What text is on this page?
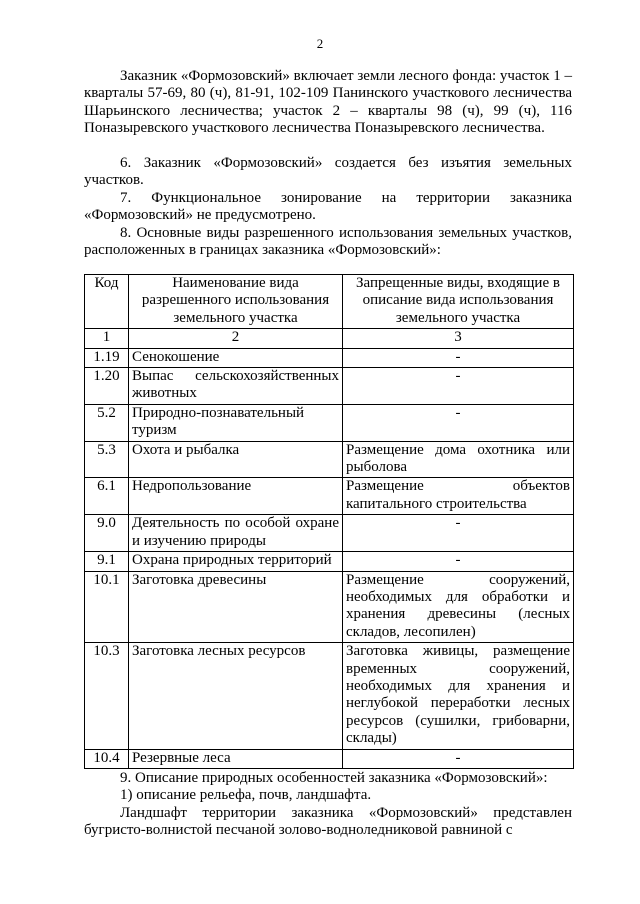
2

Заказник «Формозовский» включает земли лесного фонда: участок 1 – кварталы 57-69, 80 (ч), 81-91, 102-109 Панинского участкового лесничества Шарьинского лесничества; участок 2 – кварталы 98 (ч), 99 (ч), 116 Поназыревского участкового лесничества Поназыревского лесничества.

6. Заказник «Формозовский» создается без изъятия земельных участков.

7. Функциональное зонирование на территории заказника «Формозовский» не предусмотрено.

8. Основные виды разрешенного использования земельных участков, расположенных в границах заказника «Формозовский»:

Код	Наименование вида разрешенного использования земельного участка	Запрещенные виды, входящие в описание вида использования земельного участка
1	2	3
1.19	Сенокошение	-
1.20	Выпас сельскохозяйственных животных	-
5.2	Природно-познавательный туризм	-
5.3	Охота и рыбалка	Размещение дома охотника или рыболова
6.1	Недропользование	Размещение объектов капитального строительства
9.0	Деятельность по особой охране и изучению природы	-
9.1	Охрана природных территорий	-
10.1	Заготовка древесины	Размещение сооружений, необходимых для обработки и хранения древесины (лесных складов, лесопилен)
10.3	Заготовка лесных ресурсов	Заготовка живицы, размещение временных сооружений, необходимых для хранения и неглубокой переработки лесных ресурсов (сушилки, грибоварни, склады)
10.4	Резервные леса	-

9. Описание природных особенностей заказника «Формозовский»:

1) описание рельефа, почв, ландшафта.

Ландшафт территории заказника «Формозовский» представлен бугристо-волнистой песчаной золово-водноледниковой равниной с
